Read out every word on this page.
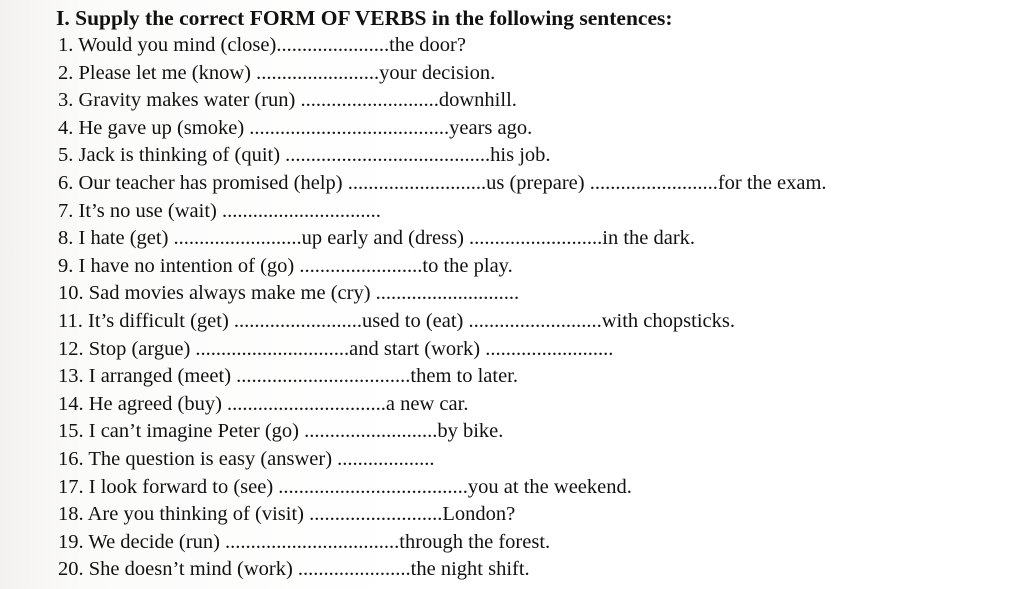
I. Supply the correct FORM OF VERBS in the following sentences:
1. Would you mind (close)......................the door?
2. Please let me (know) ........................your decision.
3. Gravity makes water (run) ...........................downhill.
4. He gave up (smoke) .......................................years ago.
5. Jack is thinking of (quit) ........................................his job.
6. Our teacher has promised (help) ...........................us (prepare) .........................for the exam.
7. It’s no use (wait) ...............................
8. I hate (get) .........................up early and (dress) ..........................in the dark.
9. I have no intention of (go) ........................to the play.
10. Sad movies always make me (cry) ............................
11. It’s difficult (get) .........................used to (eat) ..........................with chopsticks.
12. Stop (argue) ..............................and start (work) .........................
13. I arranged (meet) ..................................them to later.
14. He agreed (buy) ...............................a new car.
15. I can’t imagine Peter (go) ..........................by bike.
16. The question is easy (answer) ...................
17. I look forward to (see) .....................................you at the weekend.
18. Are you thinking of (visit) ..........................London?
19. We decide (run) ..................................through the forest.
20. She doesn’t mind (work) ......................the night shift.
